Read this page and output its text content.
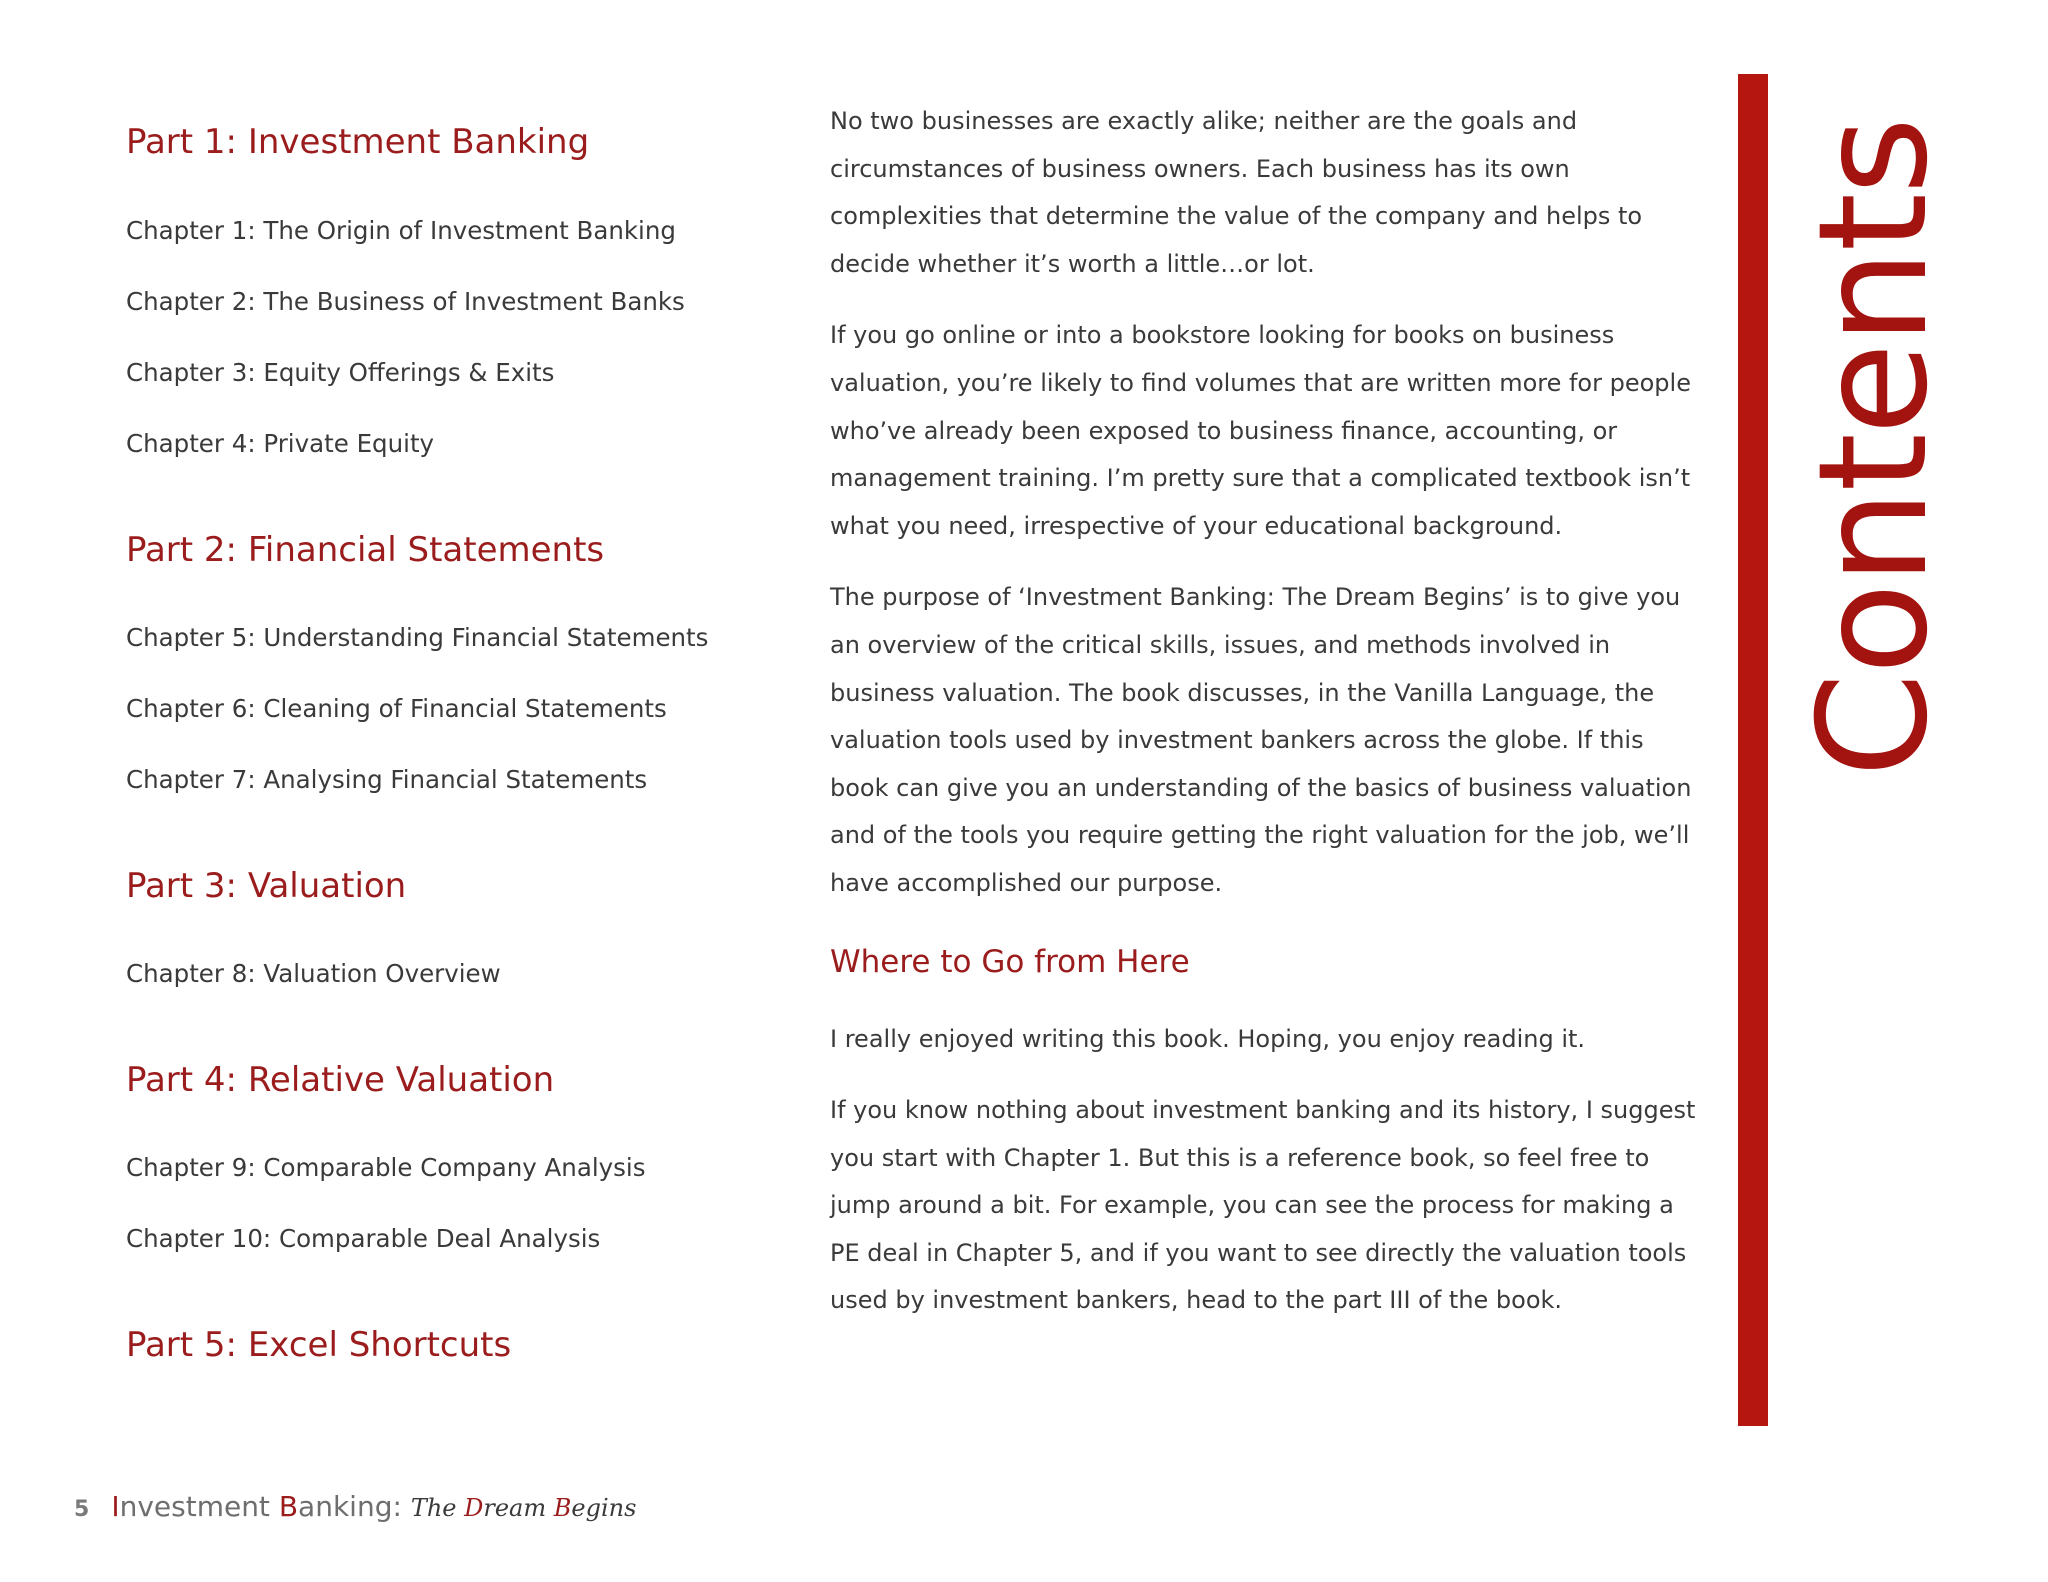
Part 1: Investment Banking
Chapter 1: The Origin of Investment Banking
Chapter 2: The Business of Investment Banks
Chapter 3: Equity Offerings & Exits
Chapter 4: Private Equity
Part 2: Financial Statements
Chapter 5: Understanding Financial Statements
Chapter 6: Cleaning of Financial Statements
Chapter 7: Analysing Financial Statements
Part 3: Valuation
Chapter 8: Valuation Overview
Part 4: Relative Valuation
Chapter 9: Comparable Company Analysis
Chapter 10: Comparable Deal Analysis
Part 5: Excel Shortcuts

No two businesses are exactly alike; neither are the goals and circumstances of business owners. Each business has its own complexities that determine the value of the company and helps to decide whether it’s worth a little…or lot.

If you go online or into a bookstore looking for books on business valuation, you’re likely to find volumes that are written more for people who’ve already been exposed to business finance, accounting, or management training. I’m pretty sure that a complicated textbook isn’t what you need, irrespective of your educational background.

The purpose of ‘Investment Banking: The Dream Begins’ is to give you an overview of the critical skills, issues, and methods involved in business valuation. The book discusses, in the Vanilla Language, the valuation tools used by investment bankers across the globe. If this book can give you an understanding of the basics of business valuation and of the tools you require getting the right valuation for the job, we’ll have accomplished our purpose.

Where to Go from Here

I really enjoyed writing this book. Hoping, you enjoy reading it.

If you know nothing about investment banking and its history, I suggest you start with Chapter 1. But this is a reference book, so feel free to jump around a bit. For example, you can see the process for making a PE deal in Chapter 5, and if you want to see directly the valuation tools used by investment bankers, head to the part III of the book.

Contents
5 Investment Banking: The Dream Begins
